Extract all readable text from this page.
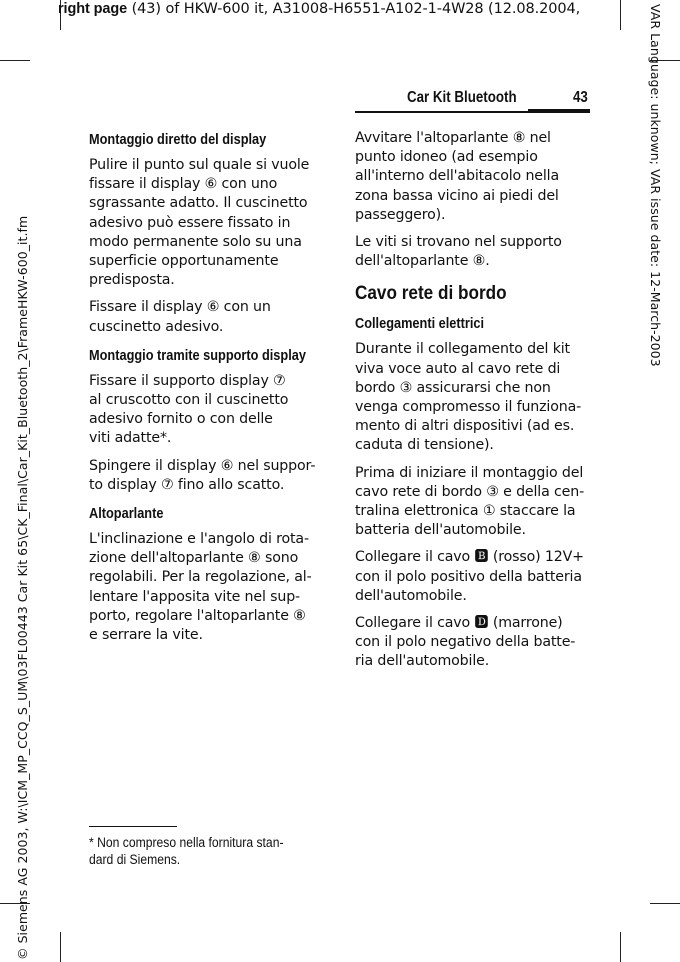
right page (43) of HKW-600 it, A31008-H6551-A102-1-4W28 (12.08.2004,
© Siemens AG 2003, W:\ICM_MP_CCQ_S_UM\03FL00443 Car Kit 65\CK_Final\Car_Kit_Bluetooth_2\FrameHKW-600_it.fm
VAR Language: unknown; VAR issue date: 12-March-2003
Car Kit Bluetooth	43
Montaggio diretto del display

Pulire il punto sul quale si vuole
fissare il display ⑥ con uno
sgrassante adatto. Il cuscinetto
adesivo può essere fissato in
modo permanente solo su una
superficie opportunamente
predisposta.

Fissare il display ⑥ con un
cuscinetto adesivo.

Montaggio tramite supporto display

Fissare il supporto display ⑦
al cruscotto con il cuscinetto
adesivo fornito o con delle
viti adatte*.

Spingere il display ⑥ nel suppor-
to display ⑦ fino allo scatto.

Altoparlante

L'inclinazione e l'angolo di rota-
zione dell'altoparlante ⑧ sono
regolabili. Per la regolazione, al-
lentare l'apposita vite nel sup-
porto, regolare l'altoparlante ⑧
e serrare la vite.

Avvitare l'altoparlante ⑧ nel
punto idoneo (ad esempio
all'interno dell'abitacolo nella
zona bassa vicino ai piedi del
passeggero).

Le viti si trovano nel supporto
dell'altoparlante ⑧.

Cavo rete di bordo
Collegamenti elettrici

Durante il collegamento del kit
viva voce auto al cavo rete di
bordo ③ assicurarsi che non
venga compromesso il funziona-
mento di altri dispositivi (ad es.
caduta di tensione).

Prima di iniziare il montaggio del
cavo rete di bordo ③ e della cen-
tralina elettronica ① staccare la
batteria dell'automobile.

Collegare il cavo 🅱 (rosso) 12V+
con il polo positivo della batteria
dell'automobile.

Collegare il cavo 🅳 (marrone)
con il polo negativo della batte-
ria dell'automobile.

* Non compreso nella fornitura stan-
dard di Siemens.
